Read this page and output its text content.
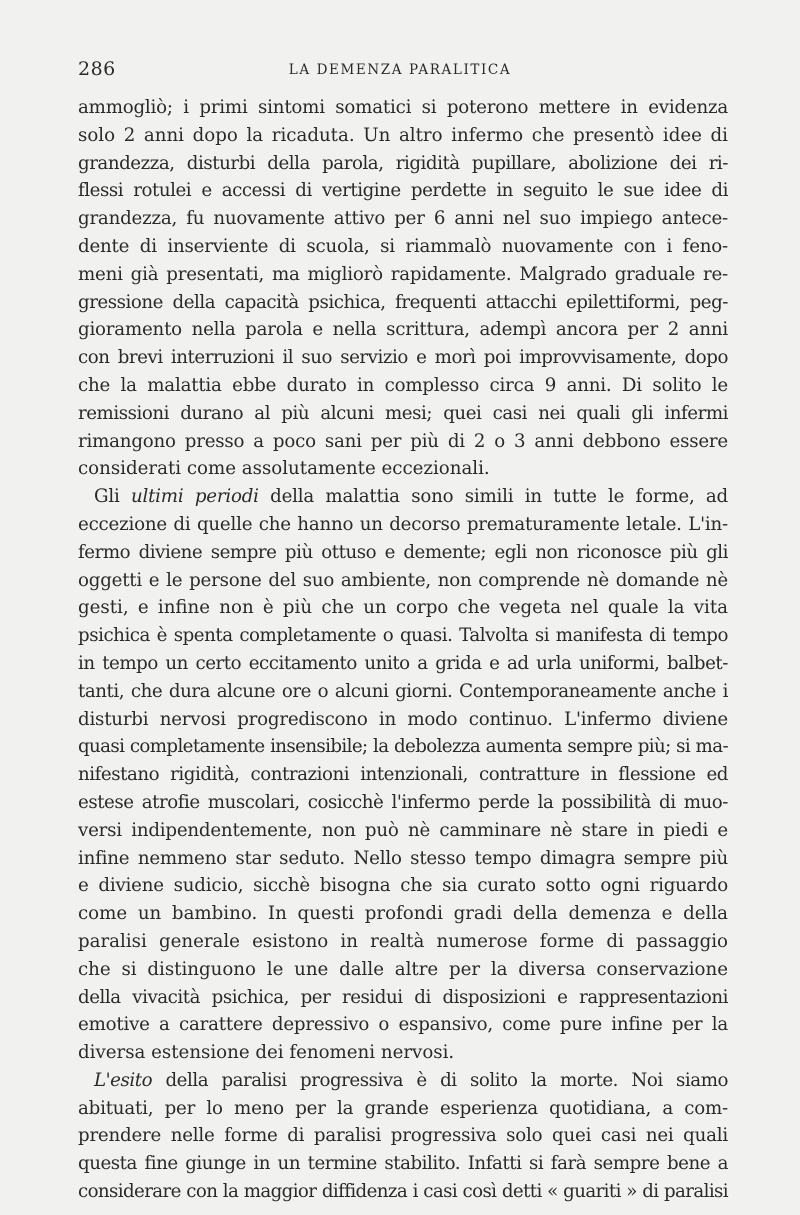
286	LA DEMENZA PARALITICA
ammogliò; i primi sintomi somatici si poterono mettere in evidenza
solo 2 anni dopo la ricaduta. Un altro infermo che presentò idee di
grandezza, disturbi della parola, rigidità pupillare, abolizione dei ri-
flessi rotulei e accessi di vertigine perdette in seguito le sue idee di
grandezza, fu nuovamente attivo per 6 anni nel suo impiego antece-
dente di inserviente di scuola, si riammalò nuovamente con i feno-
meni già presentati, ma migliorò rapidamente. Malgrado graduale re-
gressione della capacità psichica, frequenti attacchi epilettiformi, peg-
gioramento nella parola e nella scrittura, adempì ancora per 2 anni
con brevi interruzioni il suo servizio e morì poi improvvisamente, dopo
che la malattia ebbe durato in complesso circa 9 anni. Di solito le
remissioni durano al più alcuni mesi; quei casi nei quali gli infermi
rimangono presso a poco sani per più di 2 o 3 anni debbono essere
considerati come assolutamente eccezionali.
Gli ultimi periodi della malattia sono simili in tutte le forme, ad
eccezione di quelle che hanno un decorso prematuramente letale. L'in-
fermo diviene sempre più ottuso e demente; egli non riconosce più gli
oggetti e le persone del suo ambiente, non comprende nè domande nè
gesti, e infine non è più che un corpo che vegeta nel quale la vita
psichica è spenta completamente o quasi. Talvolta si manifesta di tempo
in tempo un certo eccitamento unito a grida e ad urla uniformi, balbet-
tanti, che dura alcune ore o alcuni giorni. Contemporaneamente anche i
disturbi nervosi progrediscono in modo continuo. L'infermo diviene
quasi completamente insensibile; la debolezza aumenta sempre più; si ma-
nifestano rigidità, contrazioni intenzionali, contratture in flessione ed
estese atrofie muscolari, cosicchè l'infermo perde la possibilità di muo-
versi indipendentemente, non può nè camminare nè stare in piedi e
infine nemmeno star seduto. Nello stesso tempo dimagra sempre più
e diviene sudicio, sicchè bisogna che sia curato sotto ogni riguardo
come un bambino. In questi profondi gradi della demenza e della
paralisi generale esistono in realtà numerose forme di passaggio
che si distinguono le une dalle altre per la diversa conservazione
della vivacità psichica, per residui di disposizioni e rappresentazioni
emotive a carattere depressivo o espansivo, come pure infine per la
diversa estensione dei fenomeni nervosi.
L'esito della paralisi progressiva è di solito la morte. Noi siamo
abituati, per lo meno per la grande esperienza quotidiana, a com-
prendere nelle forme di paralisi progressiva solo quei casi nei quali
questa fine giunge in un termine stabilito. Infatti si farà sempre bene a
considerare con la maggior diffidenza i casi così detti « guariti » di paralisi
